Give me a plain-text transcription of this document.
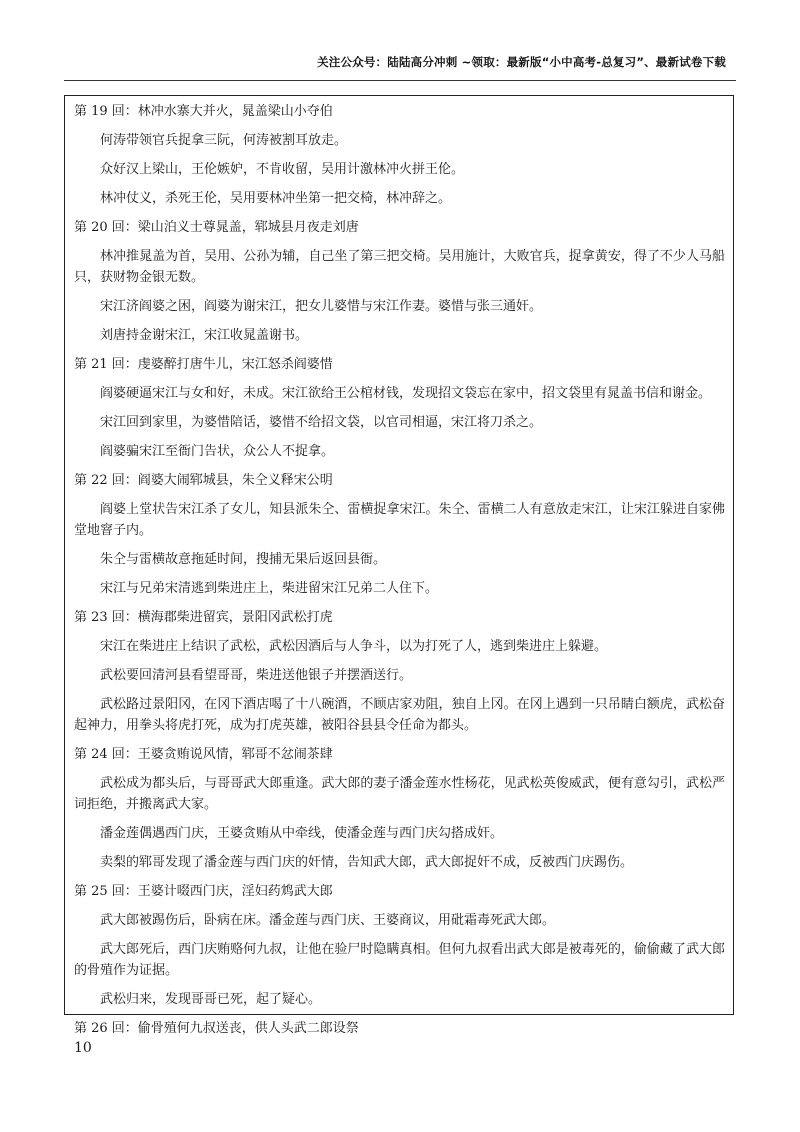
关注公众号：陆陆高分冲刺 ~领取：最新版“小中高考-总复习”、最新试卷下载
第 19 回：林冲水寨大并火，晁盖梁山小夺伯

何涛带领官兵捉拿三阮，何涛被割耳放走。

众好汉上梁山，王伦嫉妒，不肯收留，吴用计激林冲火拼王伦。

林冲仗义，杀死王伦，吴用要林冲坐第一把交椅，林冲辞之。

第 20 回：梁山泊义士尊晁盖，郓城县月夜走刘唐

林冲推晁盖为首，吴用、公孙为辅，自己坐了第三把交椅。吴用施计，大败官兵，捉拿黄安，得了不少人马船只，获财物金银无数。

宋江济阎婆之困，阎婆为谢宋江，把女儿婆惜与宋江作妻。婆惜与张三通奸。

刘唐持金谢宋江，宋江收晁盖谢书。

第 21 回：虔婆醉打唐牛儿，宋江怒杀阎婆惜

阎婆硬逼宋江与女和好，未成。宋江欲给王公棺材钱，发现招文袋忘在家中，招文袋里有晁盖书信和谢金。

宋江回到家里，为婆惜陪话，婆惜不给招文袋，以官司相逼，宋江将刀杀之。

阎婆骗宋江至衙门告状，众公人不捉拿。

第 22 回：阎婆大闹郓城县，朱仝义释宋公明

阎婆上堂状告宋江杀了女儿，知县派朱仝、雷横捉拿宋江。朱仝、雷横二人有意放走宋江，让宋江躲进自家佛堂地窨子内。

朱仝与雷横故意拖延时间，搜捕无果后返回县衙。

宋江与兄弟宋清逃到柴进庄上，柴进留宋江兄弟二人住下。

第 23 回：横海郡柴进留宾，景阳冈武松打虎

宋江在柴进庄上结识了武松，武松因酒后与人争斗，以为打死了人，逃到柴进庄上躲避。

武松要回清河县看望哥哥，柴进送他银子并摆酒送行。

武松路过景阳冈，在冈下酒店喝了十八碗酒，不顾店家劝阻，独自上冈。在冈上遇到一只吊睛白额虎，武松奋起神力，用拳头将虎打死，成为打虎英雄，被阳谷县县令任命为都头。

第 24 回：王婆贪贿说风情，郓哥不忿闹茶肆

武松成为都头后，与哥哥武大郎重逢。武大郎的妻子潘金莲水性杨花，见武松英俊威武，便有意勾引，武松严词拒绝，并搬离武大家。

潘金莲偶遇西门庆，王婆贪贿从中牵线，使潘金莲与西门庆勾搭成奸。

卖梨的郓哥发现了潘金莲与西门庆的奸情，告知武大郎，武大郎捉奸不成，反被西门庆踢伤。

第 25 回：王婆计啜西门庆，淫妇药鸩武大郎

武大郎被踢伤后，卧病在床。潘金莲与西门庆、王婆商议，用砒霜毒死武大郎。

武大郎死后，西门庆贿赂何九叔，让他在验尸时隐瞒真相。但何九叔看出武大郎是被毒死的，偷偷藏了武大郎的骨殖作为证据。

武松归来，发现哥哥已死，起了疑心。

第 26 回：偷骨殖何九叔送丧，供人头武二郎设祭
10
